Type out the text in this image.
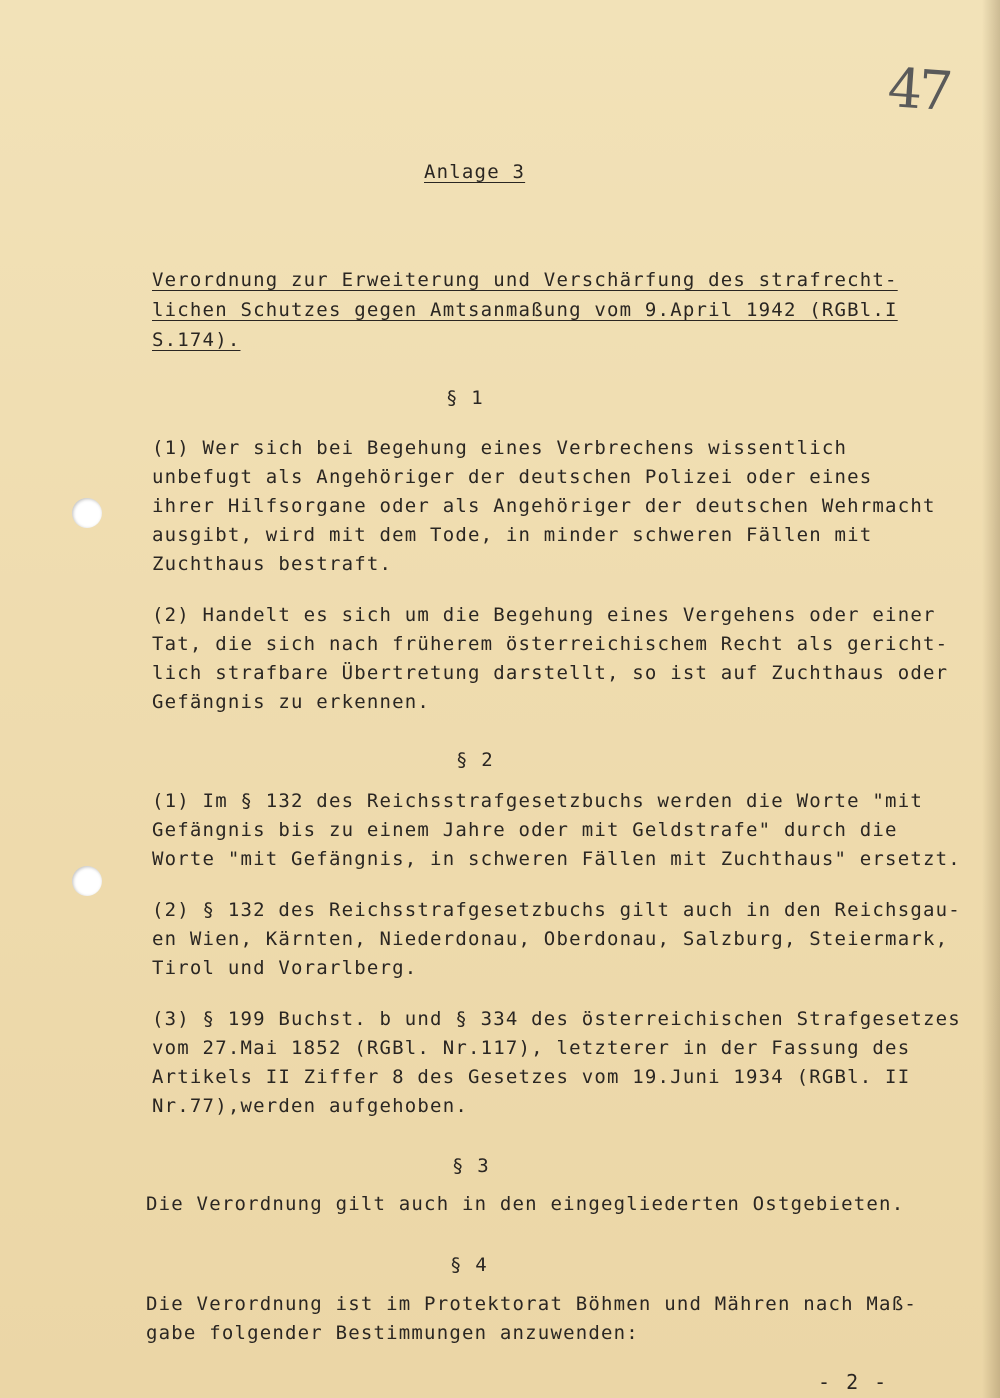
47

Anlage 3

Verordnung zur Erweiterung und Verschärfung des strafrecht-

lichen Schutzes gegen Amtsanmaßung vom 9.April 1942 (RGBl.I

S.174).

§ 1

(1) Wer sich bei Begehung eines Verbrechens wissentlich

unbefugt als Angehöriger der deutschen Polizei oder eines

ihrer Hilfsorgane oder als Angehöriger der deutschen Wehrmacht

ausgibt, wird mit dem Tode, in minder schweren Fällen mit

Zuchthaus bestraft.

(2) Handelt es sich um die Begehung eines Vergehens oder einer

Tat, die sich nach früherem österreichischem Recht als gericht-

lich strafbare Übertretung darstellt, so ist auf Zuchthaus oder

Gefängnis zu erkennen.

§ 2

(1) Im § 132 des Reichsstrafgesetzbuchs werden die Worte "mit

Gefängnis bis zu einem Jahre oder mit Geldstrafe" durch die

Worte "mit Gefängnis, in schweren Fällen mit Zuchthaus" ersetzt.

(2) § 132 des Reichsstrafgesetzbuchs gilt auch in den Reichsgau-

en Wien, Kärnten, Niederdonau, Oberdonau, Salzburg, Steiermark,

Tirol und Vorarlberg.

(3) § 199 Buchst. b und § 334 des österreichischen Strafgesetzes

vom 27.Mai 1852 (RGBl. Nr.117), letzterer in der Fassung des

Artikels II Ziffer 8 des Gesetzes vom 19.Juni 1934 (RGBl. II

Nr.77),werden aufgehoben.

§ 3

Die Verordnung gilt auch in den eingegliederten Ostgebieten.

§ 4

Die Verordnung ist im Protektorat Böhmen und Mähren nach Maß-

gabe folgender Bestimmungen anzuwenden:

- 2 -
